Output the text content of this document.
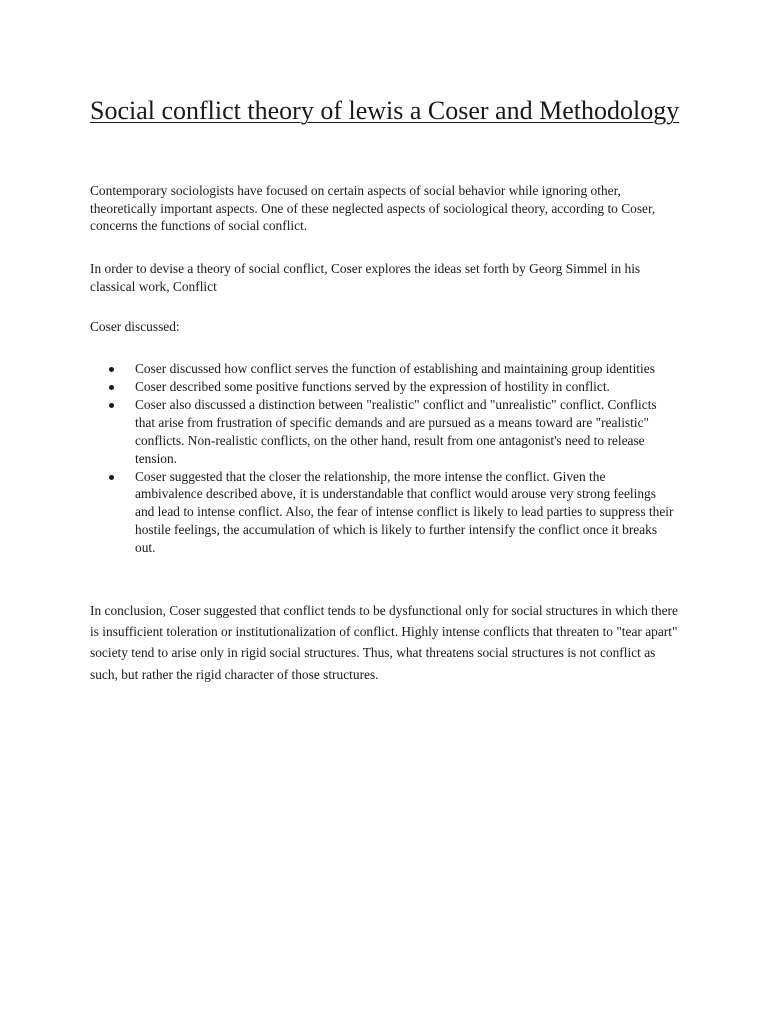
Social conflict theory of lewis a Coser and Methodology

Contemporary sociologists have focused on certain aspects of social behavior while ignoring other, theoretically important aspects. One of these neglected aspects of sociological theory, according to Coser, concerns the functions of social conflict.

In order to devise a theory of social conflict, Coser explores the ideas set forth by Georg Simmel in his classical work, Conflict

Coser discussed:

Coser discussed how conflict serves the function of establishing and maintaining group identities
Coser described some positive functions served by the expression of hostility in conflict.
Coser also discussed a distinction between "realistic" conflict and "unrealistic" conflict. Conflicts that arise from frustration of specific demands and are pursued as a means toward are "realistic" conflicts. Non-realistic conflicts, on the other hand, result from one antagonist's need to release tension.
Coser suggested that the closer the relationship, the more intense the conflict. Given the ambivalence described above, it is understandable that conflict would arouse very strong feelings and lead to intense conflict. Also, the fear of intense conflict is likely to lead parties to suppress their hostile feelings, the accumulation of which is likely to further intensify the conflict once it breaks out.

In conclusion, Coser suggested that conflict tends to be dysfunctional only for social structures in which there is insufficient toleration or institutionalization of conflict. Highly intense conflicts that threaten to "tear apart" society tend to arise only in rigid social structures. Thus, what threatens social structures is not conflict as such, but rather the rigid character of those structures.
